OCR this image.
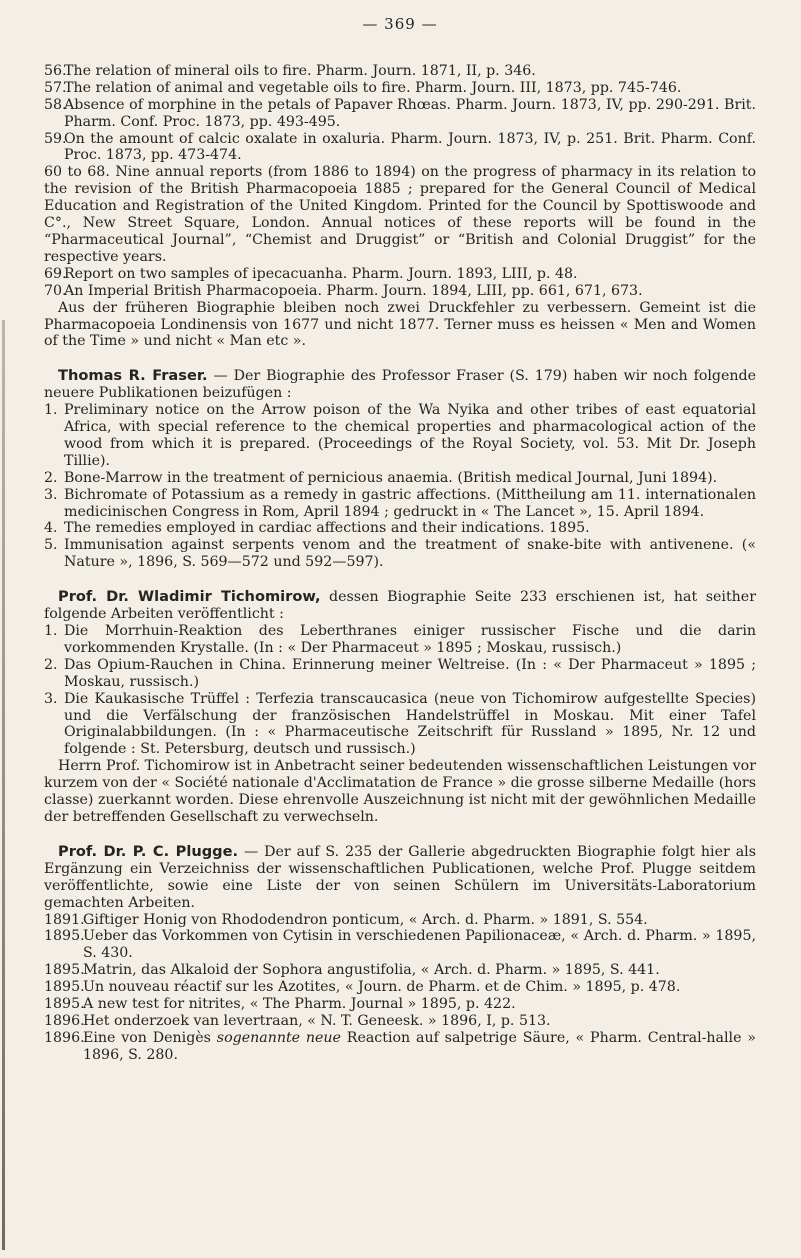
— 369 —
56.
The relation of mineral oils to fire. Pharm. Journ. 1871, II, p. 346.
57.
The relation of animal and vegetable oils to fire. Pharm. Journ. III, 1873, pp. 745-746.
58.
Absence of morphine in the petals of Papaver Rhœas. Pharm. Journ. 1873, IV, pp. 290-291. Brit. Pharm. Conf. Proc. 1873, pp. 493-495.
59.
On the amount of calcic oxalate in oxaluria. Pharm. Journ. 1873, IV, p. 251. Brit. Pharm. Conf. Proc. 1873, pp. 473-474.
60 to 68. Nine annual reports (from 1886 to 1894) on the progress of pharmacy in its relation to the revision of the British Pharmacopoeia 1885 ; prepared for the General Council of Medical Education and Registration of the United Kingdom. Printed for the Council by Spottiswoode and C°., New Street Square, London. Annual notices of these reports will be found in the “Pharmaceutical Journal”, “Chemist and Druggist” or “British and Colonial Druggist” for the respective years.
69.
Report on two samples of ipecacuanha. Pharm. Journ. 1893, LIII, p. 48.
70.
An Imperial British Pharmacopoeia. Pharm. Journ. 1894, LIII, pp. 661, 671, 673.
Aus der früheren Biographie bleiben noch zwei Druckfehler zu verbessern. Gemeint ist die Pharmacopoeia Londinensis von 1677 und nicht 1877. Terner muss es heissen « Men and Women of the Time » und nicht « Man etc ».
Thomas R. Fraser. — Der Biographie des Professor Fraser (S. 179) haben wir noch folgende neuere Publikationen beizufügen :
1. Preliminary notice on the Arrow poison of the Wa Nyika and other tribes of east equatorial Africa, with special reference to the chemical properties and pharmacological action of the wood from which it is prepared. (Proceedings of the Royal Society, vol. 53. Mit Dr. Joseph Tillie).
2. Bone-Marrow in the treatment of pernicious anaemia. (British medical Journal, Juni 1894).
3. Bichromate of Potassium as a remedy in gastric affections. (Mittheilung am 11. internationalen medicinischen Congress in Rom, April 1894 ; gedruckt in « The Lancet », 15. April 1894.
4. The remedies employed in cardiac affections and their indications. 1895.
5. Immunisation against serpents venom and the treatment of snake-bite with antivenene. (« Nature », 1896, S. 569—572 und 592—597).
Prof. Dr. Wladimir Tichomirow, dessen Biographie Seite 233 erschienen ist, hat seither folgende Arbeiten veröffentlicht :
1. Die Morrhuin-Reaktion des Leberthranes einiger russischer Fische und die darin vorkommenden Krystalle. (In : « Der Pharmaceut » 1895 ; Moskau, russisch.)
2. Das Opium-Rauchen in China. Erinnerung meiner Weltreise. (In : « Der Pharmaceut » 1895 ; Moskau, russisch.)
3. Die Kaukasische Trüffel : Terfezia transcaucasica (neue von Tichomirow aufgestellte Species) und die Verfälschung der französischen Handelstrüffel in Moskau. Mit einer Tafel Originalabbildungen. (In : « Pharmaceutische Zeitschrift für Russland » 1895, Nr. 12 und folgende : St. Petersburg, deutsch und russisch.)
Herrn Prof. Tichomirow ist in Anbetracht seiner bedeutenden wissenschaftlichen Leistungen vor kurzem von der « Société nationale d'Acclimatation de France » die grosse silberne Medaille (hors classe) zuerkannt worden. Diese ehrenvolle Auszeichnung ist nicht mit der gewöhnlichen Medaille der betreffenden Gesellschaft zu verwechseln.
Prof. Dr. P. C. Plugge. — Der auf S. 235 der Gallerie abgedruckten Biographie folgt hier als Ergänzung ein Verzeichniss der wissenschaftlichen Publicationen, welche Prof. Plugge seitdem veröffentlichte, sowie eine Liste der von seinen Schülern im Universitäts-Laboratorium gemachten Arbeiten.
1891.
Giftiger Honig von Rhododendron ponticum, « Arch. d. Pharm. » 1891, S. 554.
1895.
Ueber das Vorkommen von Cytisin in verschiedenen Papilionaceæ, « Arch. d. Pharm. » 1895, S. 430.
1895.
Matrin, das Alkaloid der Sophora angustifolia, « Arch. d. Pharm. » 1895, S. 441.
1895.
Un nouveau réactif sur les Azotites, « Journ. de Pharm. et de Chim. » 1895, p. 478.
1895.
A new test for nitrites, « The Pharm. Journal » 1895, p. 422.
1896.
Het onderzoek van levertraan, « N. T. Geneesk. » 1896, I, p. 513.
1896.
Eine von Denigès sogenannte neue Reaction auf salpetrige Säure, « Pharm. Central-halle » 1896, S. 280.
